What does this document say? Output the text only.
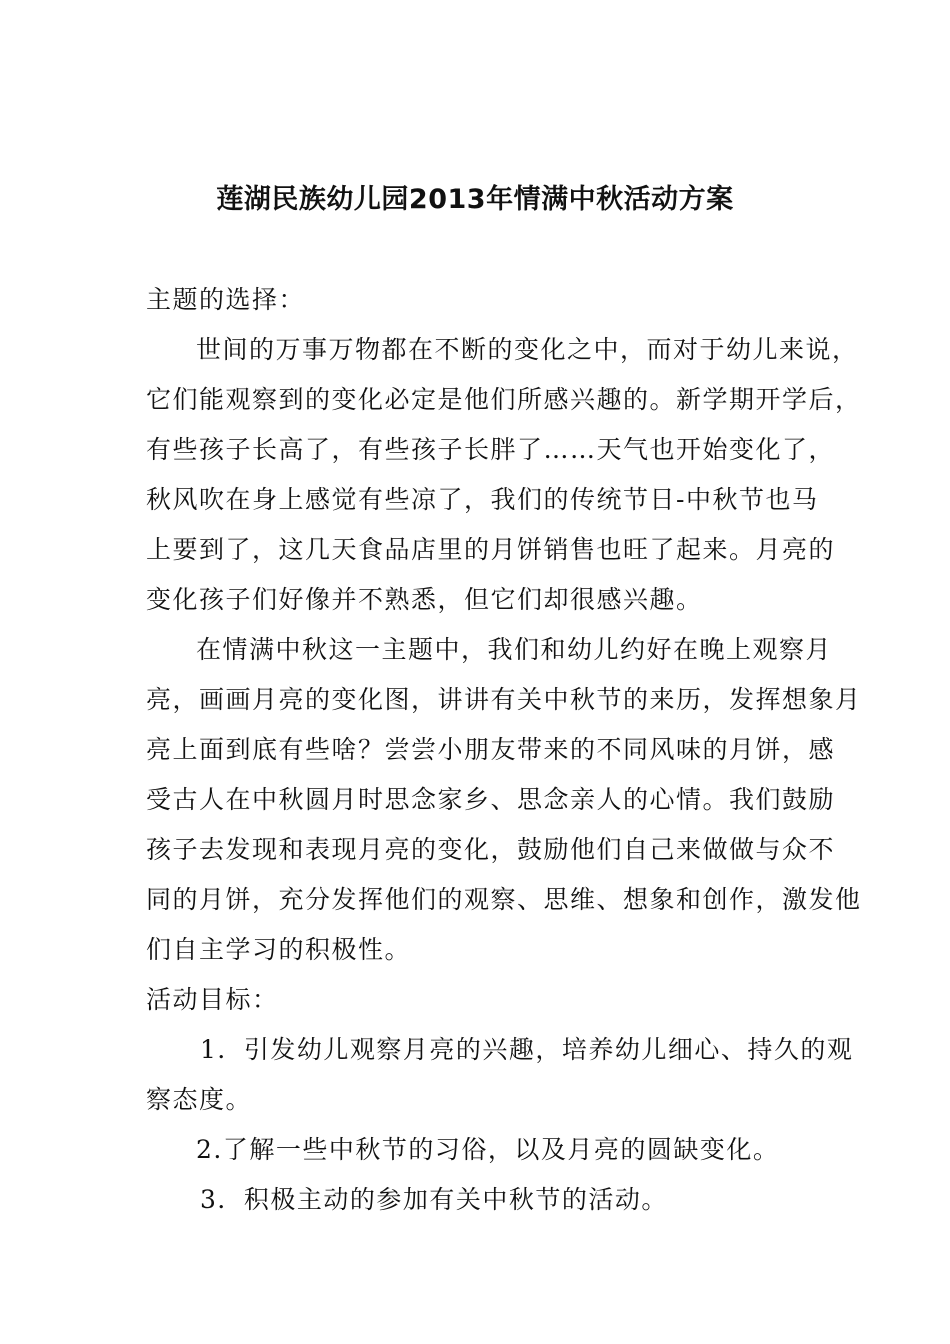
莲湖民族幼儿园2013年情满中秋活动方案
主题的选择：
世间的万事万物都在不断的变化之中，而对于幼儿来说，
它们能观察到的变化必定是他们所感兴趣的。新学期开学后，
有些孩子长高了，有些孩子长胖了……天气也开始变化了，
秋风吹在身上感觉有些凉了，我们的传统节日-中秋节也马
上要到了，这几天食品店里的月饼销售也旺了起来。月亮的
变化孩子们好像并不熟悉，但它们却很感兴趣。
在情满中秋这一主题中，我们和幼儿约好在晚上观察月
亮，画画月亮的变化图，讲讲有关中秋节的来历，发挥想象月
亮上面到底有些啥？尝尝小朋友带来的不同风味的月饼，感
受古人在中秋圆月时思念家乡、思念亲人的心情。我们鼓励
孩子去发现和表现月亮的变化，鼓励他们自己来做做与众不
同的月饼，充分发挥他们的观察、思维、想象和创作，激发他
们自主学习的积极性。
活动目标：
1．引发幼儿观察月亮的兴趣，培养幼儿细心、持久的观
察态度。
2.了解一些中秋节的习俗，以及月亮的圆缺变化。
3．积极主动的参加有关中秋节的活动。
